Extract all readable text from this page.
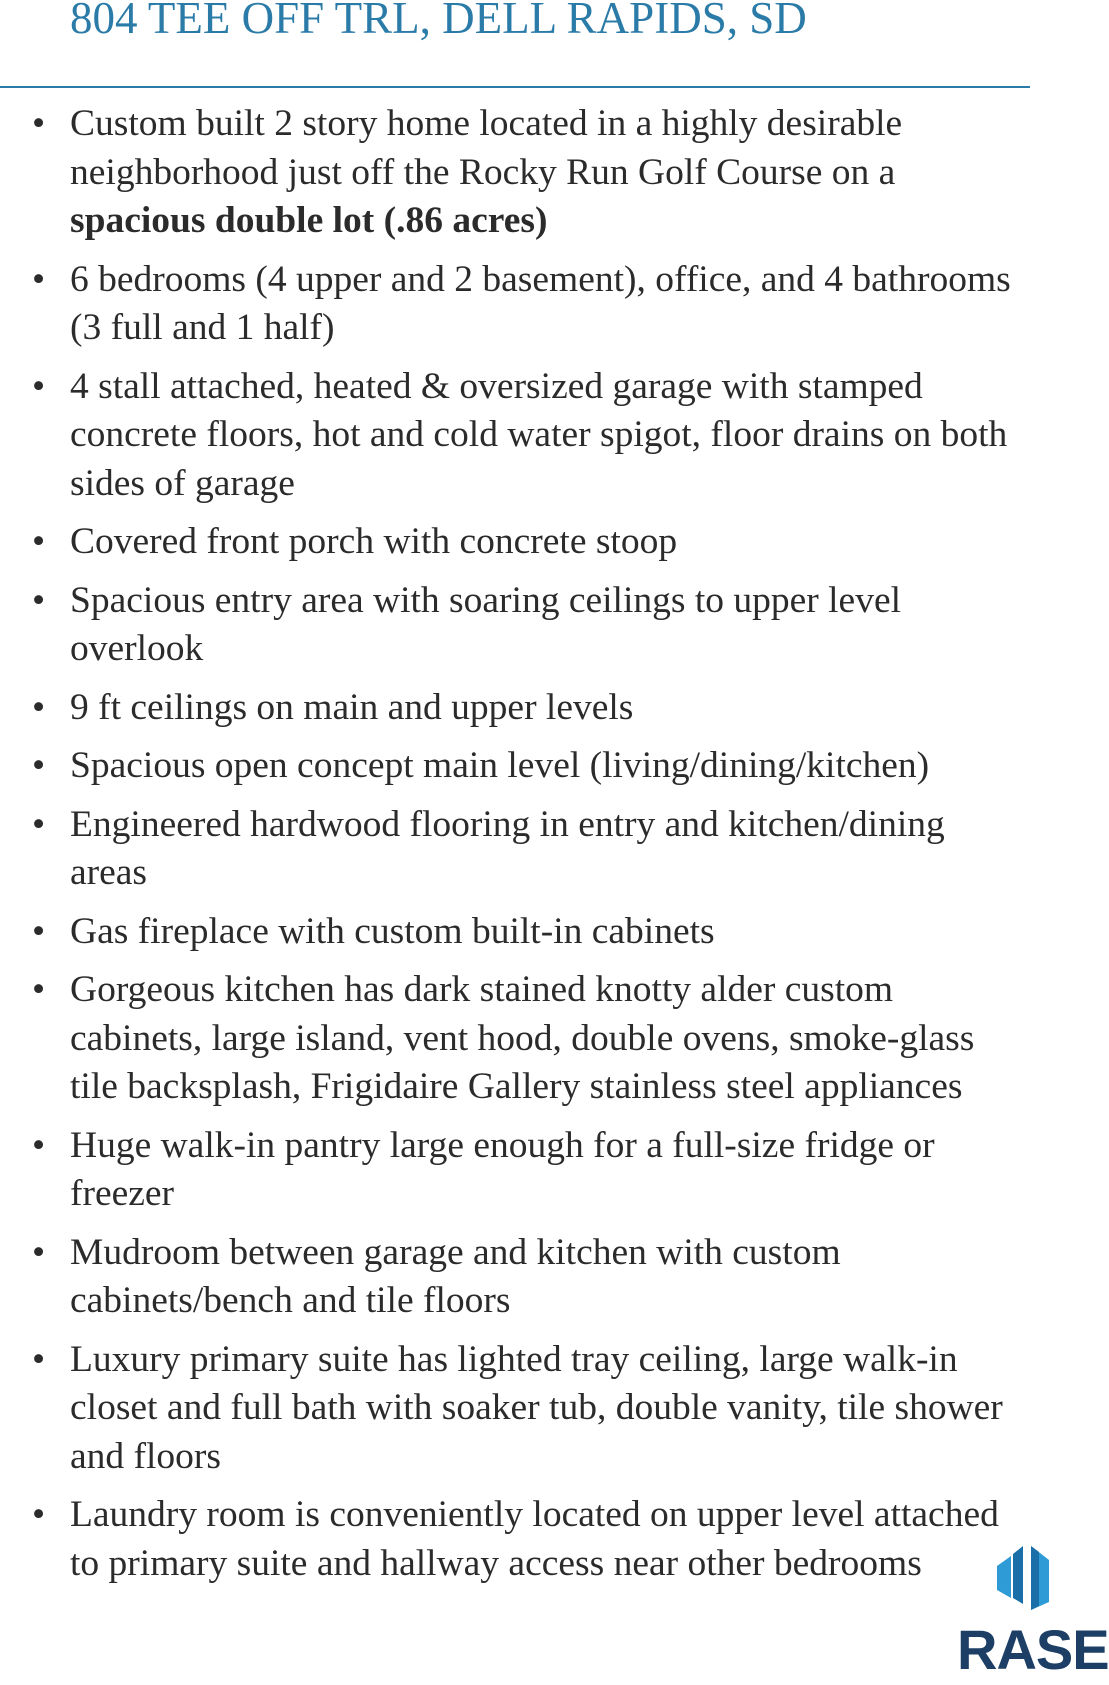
804 TEE OFF TRL, DELL RAPIDS, SD
• Custom built 2 story home located in a highly desirable neighborhood just off the Rocky Run Golf Course on a spacious double lot (.86 acres)
• 6 bedrooms (4 upper and 2 basement), office, and 4 bathrooms (3 full and 1 half)
• 4 stall attached, heated & oversized garage with stamped concrete floors, hot and cold water spigot, floor drains on both sides of garage
• Covered front porch with concrete stoop
• Spacious entry area with soaring ceilings to upper level overlook
• 9 ft ceilings on main and upper levels
• Spacious open concept main level (living/dining/kitchen)
• Engineered hardwood flooring in entry and kitchen/dining areas
• Gas fireplace with custom built-in cabinets
• Gorgeous kitchen has dark stained knotty alder custom cabinets, large island, vent hood, double ovens, smoke-glass tile backsplash, Frigidaire Gallery stainless steel appliances
• Huge walk-in pantry large enough for a full-size fridge or freezer
• Mudroom between garage and kitchen with custom cabinets/bench and tile floors
• Luxury primary suite has lighted tray ceiling, large walk-in closet and full bath with soaker tub, double vanity, tile shower and floors
• Laundry room is conveniently located on upper level attached to primary suite and hallway access near other bedrooms
RASE
